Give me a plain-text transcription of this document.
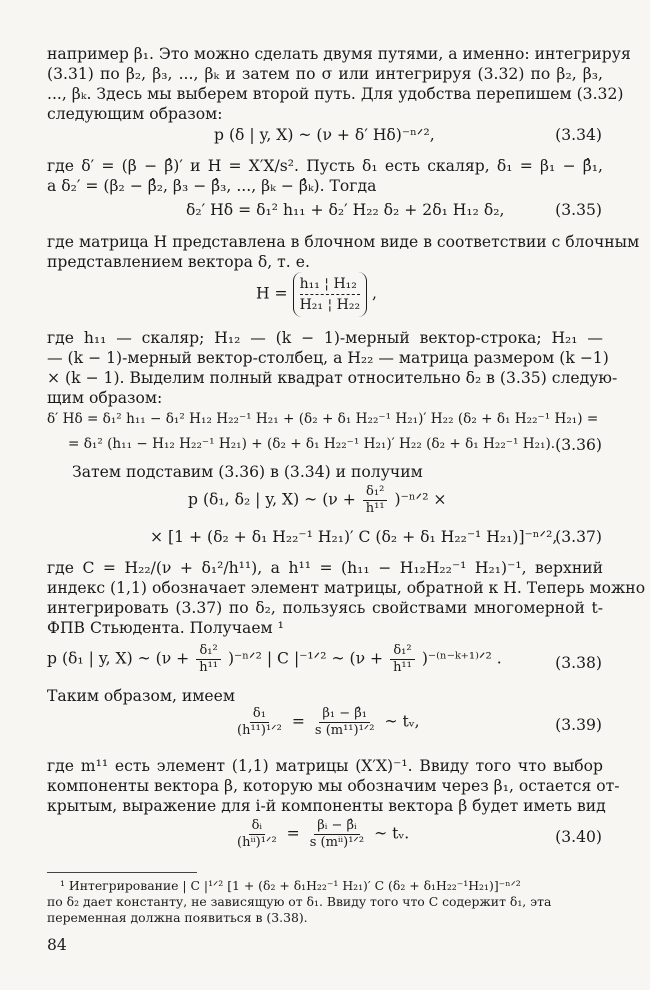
например β₁. Это можно сделать двумя путями, а именно: интегрируя
(3.31) по β₂, β₃, ..., βₖ и затем по σ или интегрируя (3.32) по β₂, β₃,
..., βₖ. Здесь мы выберем второй путь. Для удобства перепишем (3.32)
следующим образом:
p (δ | y, X) ~ (ν + δ′ Hδ)⁻ⁿᐟ²,	(3.34)
где δ′ = (β − β̂)′ и H = X′X/s². Пусть δ₁ есть скаляр, δ₁ = β₁ − β̂₁,
а δ₂′ = (β₂ − β̂₂, β₃ − β̂₃, ..., βₖ − β̂ₖ). Тогда
δ₂′ Hδ = δ₁² h₁₁ + δ₂′ H₂₂ δ₂ + 2δ₁ H₁₂ δ₂,	(3.35)
где матрица H представлена в блочном виде в соответствии с блочным
представлением вектора δ, т. е.
$H = \frac{\text{h₁₁ ¦ H₁₂}}{\text{H₂₁ ¦ H₂₂}}$ ,
где h₁₁ — скаляр; H₁₂ — (k − 1)-мерный вектор-строка; H₂₁ —
— (k − 1)-мерный вектор-столбец, а H₂₂ — матрица размером (k −1)
× (k − 1). Выделим полный квадрат относительно δ₂ в (3.35) следую-
щим образом:
δ′ Hδ = δ₁² h₁₁ − δ₁² H₁₂ H₂₂⁻¹ H₂₁ + (δ₂ + δ₁ H₂₂⁻¹ H₂₁)′ H₂₂ (δ₂ + δ₁ H₂₂⁻¹ H₂₁) =
= δ₁² (h₁₁ − H₁₂ H₂₂⁻¹ H₂₁) + (δ₂ + δ₁ H₂₂⁻¹ H₂₁)′ H₂₂ (δ₂ + δ₁ H₂₂⁻¹ H₂₁). (3.36)
Затем подставим (3.36) в (3.34) и получим
p (δ₁, δ₂ | y, X) ~ ($\nu + \frac{\text{δ₁²}}{\text{h¹¹}}$ )⁻ⁿᐟ² ×
× [1 + (δ₂ + δ₁ H₂₂⁻¹ H₂₁)′ C (δ₂ + δ₁ H₂₂⁻¹ H₂₁)]⁻ⁿᐟ²,
(3.37)
где C = H₂₂/(ν + δ₁²/h¹¹), а h¹¹ = (h₁₁ − H₁₂H₂₂⁻¹ H₂₁)⁻¹, верхний
индекс (1,1) обозначает элемент матрицы, обратной к H. Теперь можно
интегрировать (3.37) по δ₂, пользуясь свойствами многомерной t-
ФПВ Стьюдента. Получаем ¹
p (δ₁ | y, X) ~ ($\nu + \frac{\text{δ₁²}}{\text{h¹¹}}$ )⁻ⁿᐟ² | C |⁻¹ᐟ² ~ ($\nu + \frac{\text{δ₁²}}{\text{h¹¹}}$ )⁻⁽ⁿ⁻ᵏ⁺¹⁾ᐟ² .	(3.38)
Таким образом, имеем
$\frac{\text{δ₁}}{\text{(h¹¹)¹ᐟ²}} = \frac{\text{β₁ − β̂₁}}{\text{s (m¹¹)¹ᐟ²}}$ ~ tᵥ,	(3.39)
где m¹¹ есть элемент (1,1) матрицы (X′X)⁻¹. Ввиду того что выбор
компоненты вектора β, которую мы обозначим через β₁, остается от-
крытым, выражение для i-й компоненты вектора β будет иметь вид
$\frac{\text{δᵢ}}{\text{(hⁱⁱ)¹ᐟ²}} = \frac{\text{βᵢ − β̂ᵢ}}{\text{s (mⁱⁱ)¹ᐟ²}}$ ~ tᵥ.	(3.40)
¹ Интегрирование | C |¹ᐟ² [1 + (δ₂ + δ₁H₂₂⁻¹ H₂₁)′ C (δ₂ + δ₁H₂₂⁻¹H₂₁)]⁻ⁿᐟ²
по δ₂ дает константу, не зависящую от δ₁. Ввиду того что C содержит δ₁, эта
переменная должна появиться в (3.38).
84
